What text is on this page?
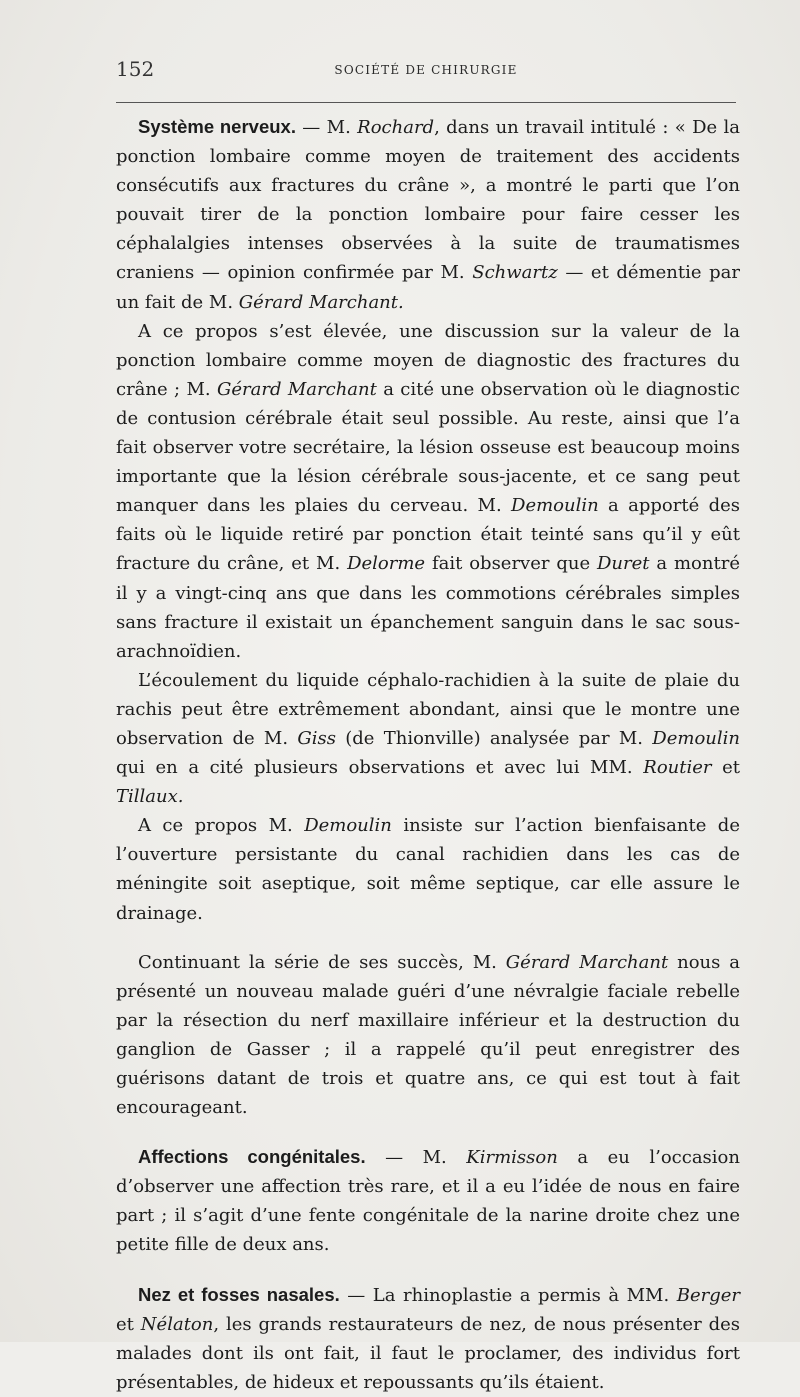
152	SOCIÉTÉ DE CHIRURGIE

Système nerveux. — M. Rochard, dans un travail intitulé : « De la ponction lombaire comme moyen de traitement des accidents consécutifs aux fractures du crâne », a montré le parti que l’on pouvait tirer de la ponction lombaire pour faire cesser les céphalalgies intenses observées à la suite de traumatismes craniens — opinion confirmée par M. Schwartz — et démentie par un fait de M. Gérard Marchant.

A ce propos s’est élevée, une discussion sur la valeur de la ponction lombaire comme moyen de diagnostic des fractures du crâne ; M. Gérard Marchant a cité une observation où le diagnostic de contusion cérébrale était seul possible. Au reste, ainsi que l’a fait observer votre secrétaire, la lésion osseuse est beaucoup moins importante que la lésion cérébrale sous-jacente, et ce sang peut manquer dans les plaies du cerveau. M. Demoulin a apporté des faits où le liquide retiré par ponction était teinté sans qu’il y eût fracture du crâne, et M. Delorme fait observer que Duret a montré il y a vingt-cinq ans que dans les commotions cérébrales simples sans fracture il existait un épanchement sanguin dans le sac sous-arachnoïdien.

L’écoulement du liquide céphalo-rachidien à la suite de plaie du rachis peut être extrêmement abondant, ainsi que le montre une observation de M. Giss (de Thionville) analysée par M. Demoulin qui en a cité plusieurs observations et avec lui MM. Routier et Tillaux.

A ce propos M. Demoulin insiste sur l’action bienfaisante de l’ouverture persistante du canal rachidien dans les cas de méningite soit aseptique, soit même septique, car elle assure le drainage.

Continuant la série de ses succès, M. Gérard Marchant nous a présenté un nouveau malade guéri d’une névralgie faciale rebelle par la résection du nerf maxillaire inférieur et la destruction du ganglion de Gasser ; il a rappelé qu’il peut enregistrer des guérisons datant de trois et quatre ans, ce qui est tout à fait encourageant.

Affections congénitales. — M. Kirmisson a eu l’occasion d’observer une affection très rare, et il a eu l’idée de nous en faire part ; il s’agit d’une fente congénitale de la narine droite chez une petite fille de deux ans.

Nez et fosses nasales. — La rhinoplastie a permis à MM. Berger et Nélaton, les grands restaurateurs de nez, de nous présenter des malades dont ils ont fait, il faut le proclamer, des individus fort présentables, de hideux et repoussants qu’ils étaient.
